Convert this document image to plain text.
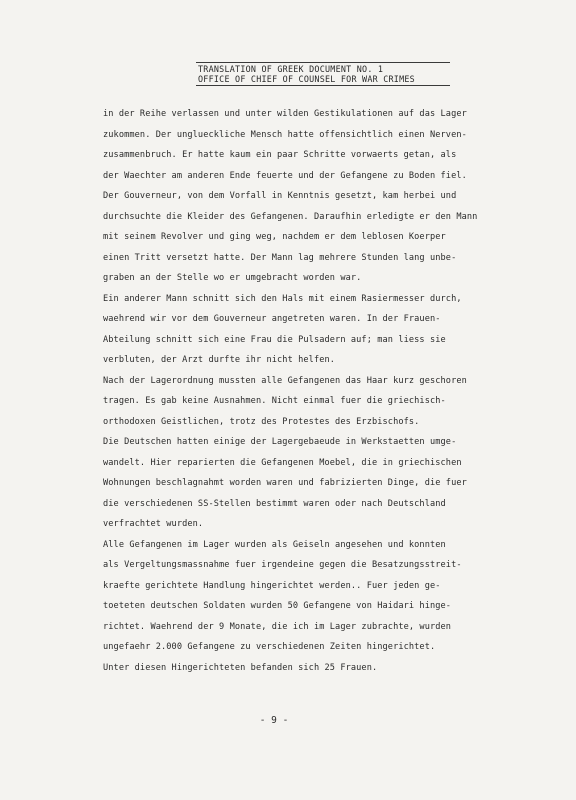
TRANSLATION OF GREEK DOCUMENT NO. 1
OFFICE OF CHIEF OF COUNSEL FOR WAR CRIMES
in der Reihe verlassen und unter wilden Gestikulationen auf das Lager
zukommen. Der unglueckliche Mensch hatte offensichtlich einen Nerven-
zusammenbruch. Er hatte kaum ein paar Schritte vorwaerts getan, als
der Waechter am anderen Ende feuerte und der Gefangene zu Boden fiel.
Der Gouverneur, von dem Vorfall in Kenntnis gesetzt, kam herbei und
durchsuchte die Kleider des Gefangenen. Daraufhin erledigte er den Mann
mit seinem Revolver und ging weg, nachdem er dem leblosen Koerper
einen Tritt versetzt hatte. Der Mann lag mehrere Stunden lang unbe-
graben an der Stelle wo er umgebracht worden war.
Ein anderer Mann schnitt sich den Hals mit einem Rasiermesser durch,
waehrend wir vor dem Gouverneur angetreten waren. In der Frauen-
Abteilung schnitt sich eine Frau die Pulsadern auf; man liess sie
verbluten, der Arzt durfte ihr nicht helfen.
Nach der Lagerordnung mussten alle Gefangenen das Haar kurz geschoren
tragen. Es gab keine Ausnahmen. Nicht einmal fuer die griechisch-
orthodoxen Geistlichen, trotz des Protestes des Erzbischofs.
Die Deutschen hatten einige der Lagergebaeude in Werkstaetten umge-
wandelt. Hier reparierten die Gefangenen Moebel, die in griechischen
Wohnungen beschlagnahmt worden waren und fabrizierten Dinge, die fuer
die verschiedenen SS-Stellen bestimmt waren oder nach Deutschland
verfrachtet wurden.
Alle Gefangenen im Lager wurden als Geiseln angesehen und konnten
als Vergeltungsmassnahme fuer irgendeine gegen die Besatzungsstreit-
kraefte gerichtete Handlung hingerichtet werden.. Fuer jeden ge-
toeteten deutschen Soldaten wurden 50 Gefangene von Haidari hinge-
richtet. Waehrend der 9 Monate, die ich im Lager zubrachte, wurden
ungefaehr 2.000 Gefangene zu verschiedenen Zeiten hingerichtet.
Unter diesen Hingerichteten befanden sich 25 Frauen.
- 9 -
